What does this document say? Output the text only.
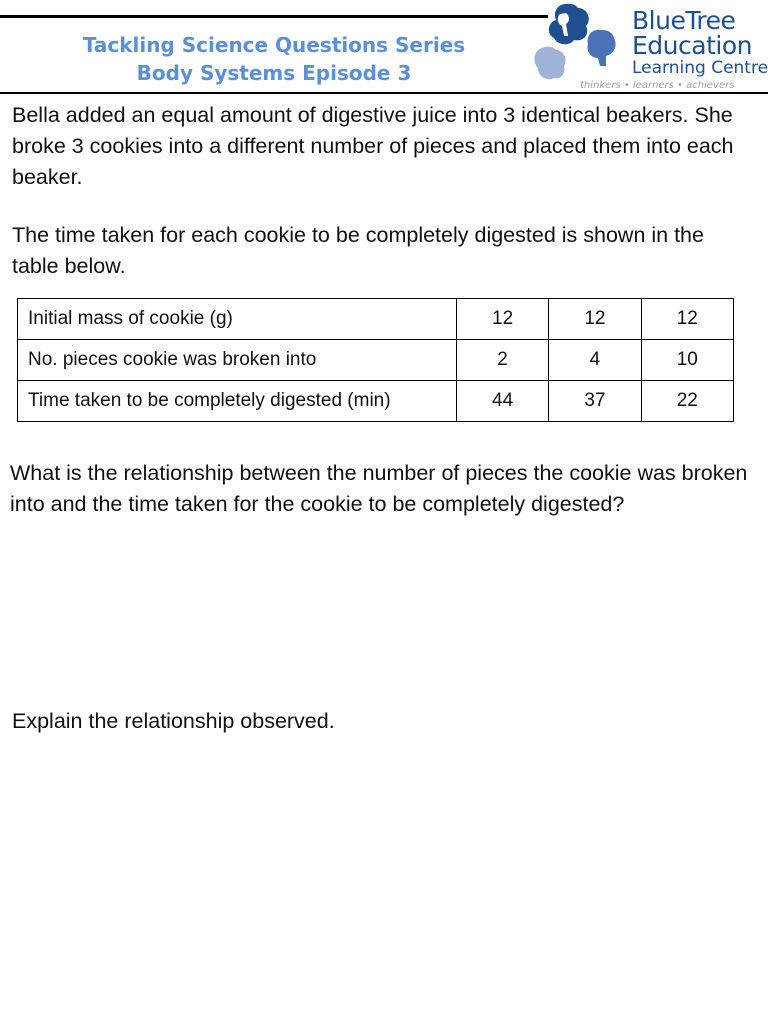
Tackling Science Questions Series
Body Systems Episode 3
BlueTree
Education
Learning Centre
thinkers • learners • achievers

Bella added an equal amount of digestive juice into 3 identical beakers. She broke 3 cookies into a different number of pieces and placed them into each beaker.

The time taken for each cookie to be completely digested is shown in the table below.

Initial mass of cookie (g)	12	12	12
No. pieces cookie was broken into	2	4	10
Time taken to be completely digested (min)	44	37	22

What is the relationship between the number of pieces the cookie was broken into and the time taken for the cookie to be completely digested?

Explain the relationship observed.
